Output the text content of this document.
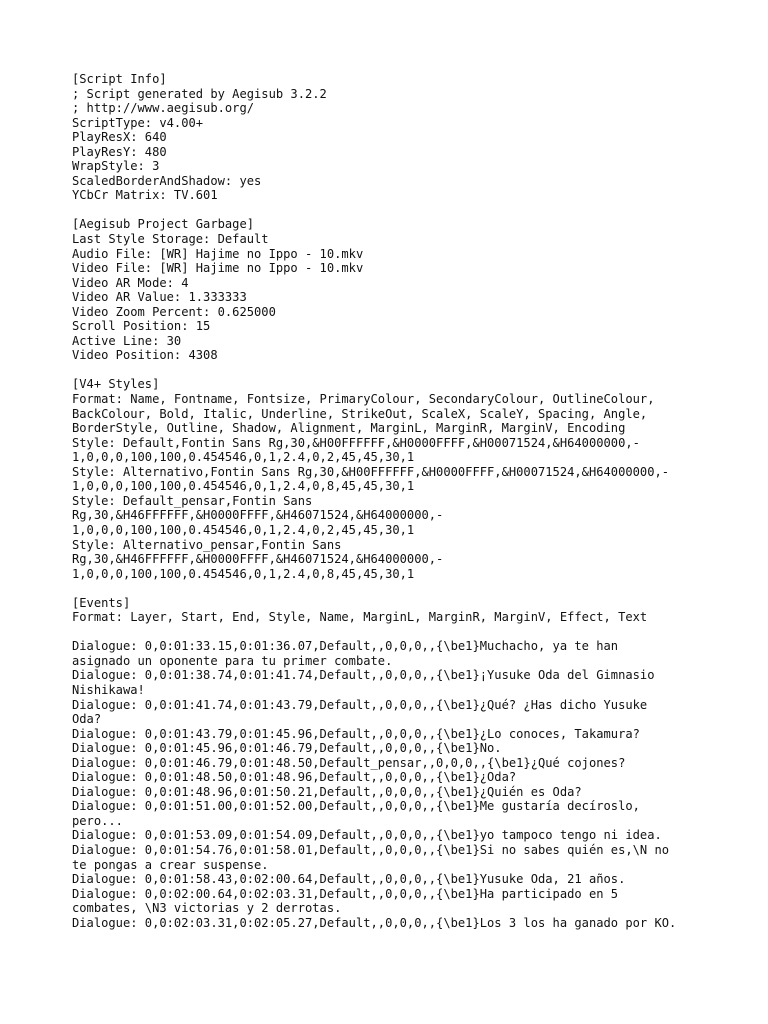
[Script Info]
; Script generated by Aegisub 3.2.2
; http://www.aegisub.org/
ScriptType: v4.00+
PlayResX: 640
PlayResY: 480
WrapStyle: 3
ScaledBorderAndShadow: yes
YCbCr Matrix: TV.601
[Aegisub Project Garbage]
Last Style Storage: Default
Audio File: [WR] Hajime no Ippo - 10.mkv
Video File: [WR] Hajime no Ippo - 10.mkv
Video AR Mode: 4
Video AR Value: 1.333333
Video Zoom Percent: 0.625000
Scroll Position: 15
Active Line: 30
Video Position: 4308
[V4+ Styles]
Format: Name, Fontname, Fontsize, PrimaryColour, SecondaryColour, OutlineColour,
BackColour, Bold, Italic, Underline, StrikeOut, ScaleX, ScaleY, Spacing, Angle,
BorderStyle, Outline, Shadow, Alignment, MarginL, MarginR, MarginV, Encoding
Style: Default,Fontin Sans Rg,30,&H00FFFFFF,&H0000FFFF,&H00071524,&H64000000,-
1,0,0,0,100,100,0.454546,0,1,2.4,0,2,45,45,30,1
Style: Alternativo,Fontin Sans Rg,30,&H00FFFFFF,&H0000FFFF,&H00071524,&H64000000,-
1,0,0,0,100,100,0.454546,0,1,2.4,0,8,45,45,30,1
Style: Default_pensar,Fontin Sans
Rg,30,&H46FFFFFF,&H0000FFFF,&H46071524,&H64000000,-
1,0,0,0,100,100,0.454546,0,1,2.4,0,2,45,45,30,1
Style: Alternativo_pensar,Fontin Sans
Rg,30,&H46FFFFFF,&H0000FFFF,&H46071524,&H64000000,-
1,0,0,0,100,100,0.454546,0,1,2.4,0,8,45,45,30,1
[Events]
Format: Layer, Start, End, Style, Name, MarginL, MarginR, MarginV, Effect, Text
Dialogue: 0,0:01:33.15,0:01:36.07,Default,,0,0,0,,{\be1}Muchacho, ya te han
asignado un oponente para tu primer combate.
Dialogue: 0,0:01:38.74,0:01:41.74,Default,,0,0,0,,{\be1}¡Yusuke Oda del Gimnasio
Nishikawa!
Dialogue: 0,0:01:41.74,0:01:43.79,Default,,0,0,0,,{\be1}¿Qué? ¿Has dicho Yusuke
Oda?
Dialogue: 0,0:01:43.79,0:01:45.96,Default,,0,0,0,,{\be1}¿Lo conoces, Takamura?
Dialogue: 0,0:01:45.96,0:01:46.79,Default,,0,0,0,,{\be1}No.
Dialogue: 0,0:01:46.79,0:01:48.50,Default_pensar,,0,0,0,,{\be1}¿Qué cojones?
Dialogue: 0,0:01:48.50,0:01:48.96,Default,,0,0,0,,{\be1}¿Oda?
Dialogue: 0,0:01:48.96,0:01:50.21,Default,,0,0,0,,{\be1}¿Quién es Oda?
Dialogue: 0,0:01:51.00,0:01:52.00,Default,,0,0,0,,{\be1}Me gustaría decíroslo,
pero...
Dialogue: 0,0:01:53.09,0:01:54.09,Default,,0,0,0,,{\be1}yo tampoco tengo ni idea.
Dialogue: 0,0:01:54.76,0:01:58.01,Default,,0,0,0,,{\be1}Si no sabes quién es,\N no
te pongas a crear suspense.
Dialogue: 0,0:01:58.43,0:02:00.64,Default,,0,0,0,,{\be1}Yusuke Oda, 21 años.
Dialogue: 0,0:02:00.64,0:02:03.31,Default,,0,0,0,,{\be1}Ha participado en 5
combates, \N3 victorias y 2 derrotas.
Dialogue: 0,0:02:03.31,0:02:05.27,Default,,0,0,0,,{\be1}Los 3 los ha ganado por KO.
